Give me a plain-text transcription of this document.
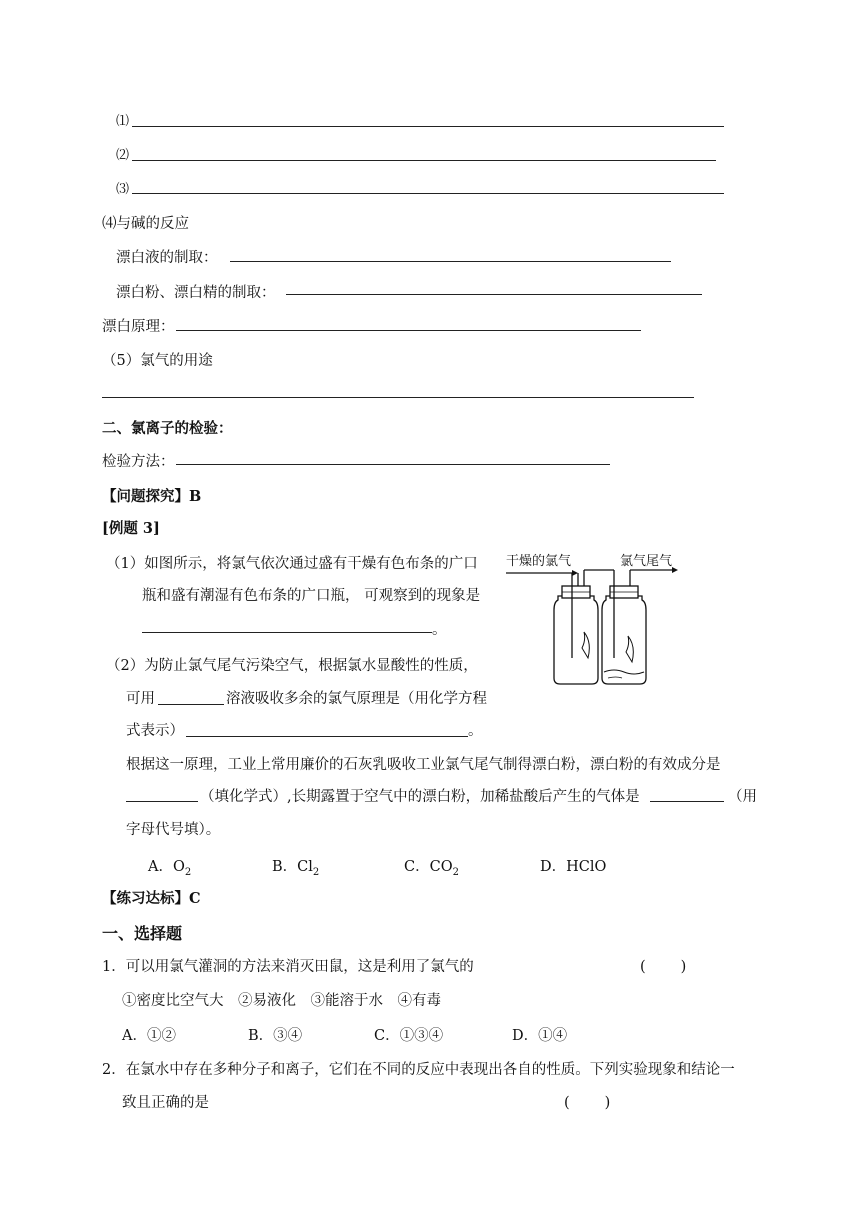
⑴
⑵
⑶
⑷与碱的反应
漂白液的制取：
漂白粉、漂白精的制取：
漂白原理：
（5）氯气的用途
二、氯离子的检验：
检验方法：
【问题探究】B
[例题 3]
（1）如图所示，将氯气依次通过盛有干燥有色布条的广口
瓶和盛有潮湿有色布条的广口瓶， 可观察到的现象是
。
干燥的氯气	氯气尾气
（2）为防止氯气尾气污染空气，根据氯水显酸性的性质，
可用	溶液吸收多余的氯气原理是（用化学方程
式表示）	。
根据这一原理，工业上常用廉价的石灰乳吸收工业氯气尾气制得漂白粉，漂白粉的有效成分是
（填化学式）,长期露置于空气中的漂白粉，加稀盐酸后产生的气体是	（用
字母代号填）。
A．$O_2$	B．$Cl_2$	C．$CO_2$	D．HClO
【练习达标】C
一、选择题
1．可以用氯气灌洞的方法来消灭田鼠，这是利用了氯气的	(　　)
①密度比空气大　②易液化　③能溶于水　④有毒
A．①②	B．③④	C．①③④	D．①④
2．在氯水中存在多种分子和离子，它们在不同的反应中表现出各自的性质。下列实验现象和结论一
致且正确的是	(　　)
